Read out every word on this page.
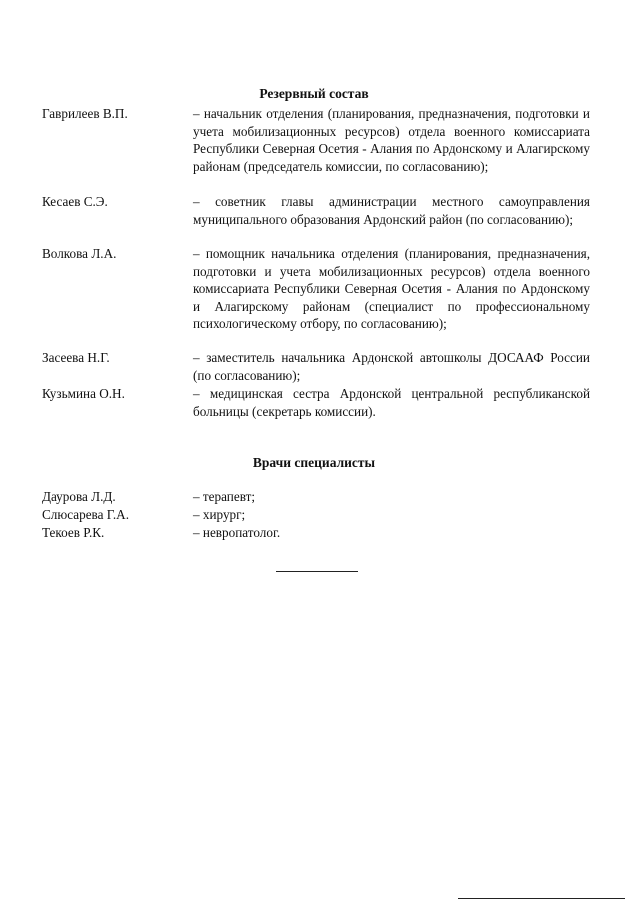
Резервный состав
Гаврилеев В.П.	– начальник отделения (планирования, предназначения, подготовки и учета мобилизационных ресурсов) отдела военного комиссариата Республики Северная Осетия - Алания по Ардонскому и Алагирскому районам (председатель комиссии, по согласованию);
Кесаев С.Э.	– советник главы администрации местного самоуправления муниципального образования Ардонский район (по согласованию);
Волкова Л.А.	– помощник начальника отделения (планирования, предназначения, подготовки и учета мобилизационных ресурсов) отдела военного комиссариата Республики Северная Осетия - Алания по Ардонскому и Алагирскому районам (специалист по профессиональному психологическому отбору, по согласованию);
Засеева Н.Г.	– заместитель начальника Ардонской автошколы ДОСААФ России (по согласованию);
Кузьмина О.Н.	– медицинская сестра Ардонской центральной республиканской больницы (секретарь комиссии).
Врачи специалисты
Даурова Л.Д.	– терапевт;
Слюсарева Г.А.	– хирург;
Текоев Р.К.	– невропатолог.
